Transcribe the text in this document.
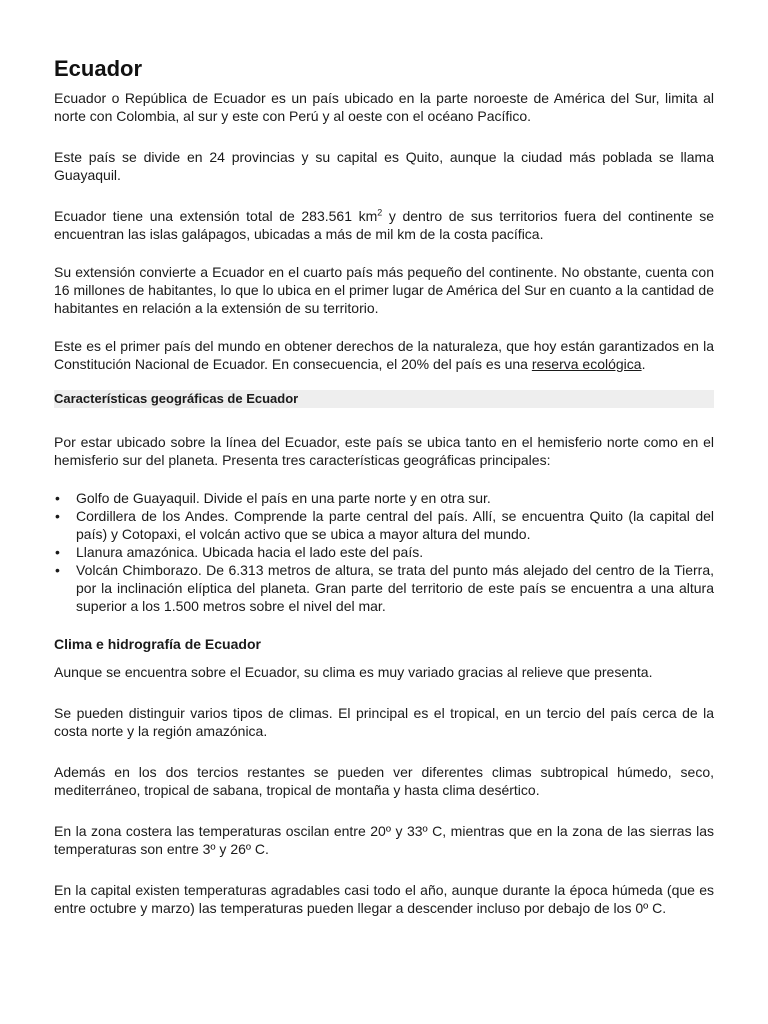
Ecuador

Ecuador o República de Ecuador es un país ubicado en la parte noroeste de América del Sur, limita al norte con Colombia, al sur y este con Perú y al oeste con el océano Pacífico.

Este país se divide en 24 provincias y su capital es Quito, aunque la ciudad más poblada se llama Guayaquil.

Ecuador tiene una extensión total de 283.561 $km^2$ y dentro de sus territorios fuera del continente se encuentran las islas galápagos, ubicadas a más de mil km de la costa pacífica.

Su extensión convierte a Ecuador en el cuarto país más pequeño del continente. No obstante, cuenta con 16 millones de habitantes, lo que lo ubica en el primer lugar de América del Sur en cuanto a la cantidad de habitantes en relación a la extensión de su territorio.

Este es el primer país del mundo en obtener derechos de la naturaleza, que hoy están garantizados en la Constitución Nacional de Ecuador. En consecuencia, el 20% del país es una reserva ecológica.

Características geográficas de Ecuador

Por estar ubicado sobre la línea del Ecuador, este país se ubica tanto en el hemisferio norte como en el hemisferio sur del planeta. Presenta tres características geográficas principales:

• Golfo de Guayaquil. Divide el país en una parte norte y en otra sur.
• Cordillera de los Andes. Comprende la parte central del país. Allí, se encuentra Quito (la capital del país) y Cotopaxi, el volcán activo que se ubica a mayor altura del mundo.
• Llanura amazónica. Ubicada hacia el lado este del país.
• Volcán Chimborazo. De 6.313 metros de altura, se trata del punto más alejado del centro de la Tierra, por la inclinación elíptica del planeta. Gran parte del territorio de este país se encuentra a una altura superior a los 1.500 metros sobre el nivel del mar.
Clima e hidrografía de Ecuador

Aunque se encuentra sobre el Ecuador, su clima es muy variado gracias al relieve que presenta.

Se pueden distinguir varios tipos de climas. El principal es el tropical, en un tercio del país cerca de la costa norte y la región amazónica.

Además en los dos tercios restantes se pueden ver diferentes climas subtropical húmedo, seco, mediterráneo, tropical de sabana, tropical de montaña y hasta clima desértico.

En la zona costera las temperaturas oscilan entre 20º y 33º C, mientras que en la zona de las sierras las temperaturas son entre 3º y 26º C.

En la capital existen temperaturas agradables casi todo el año, aunque durante la época húmeda (que es entre octubre y marzo) las temperaturas pueden llegar a descender incluso por debajo de los 0º C.
